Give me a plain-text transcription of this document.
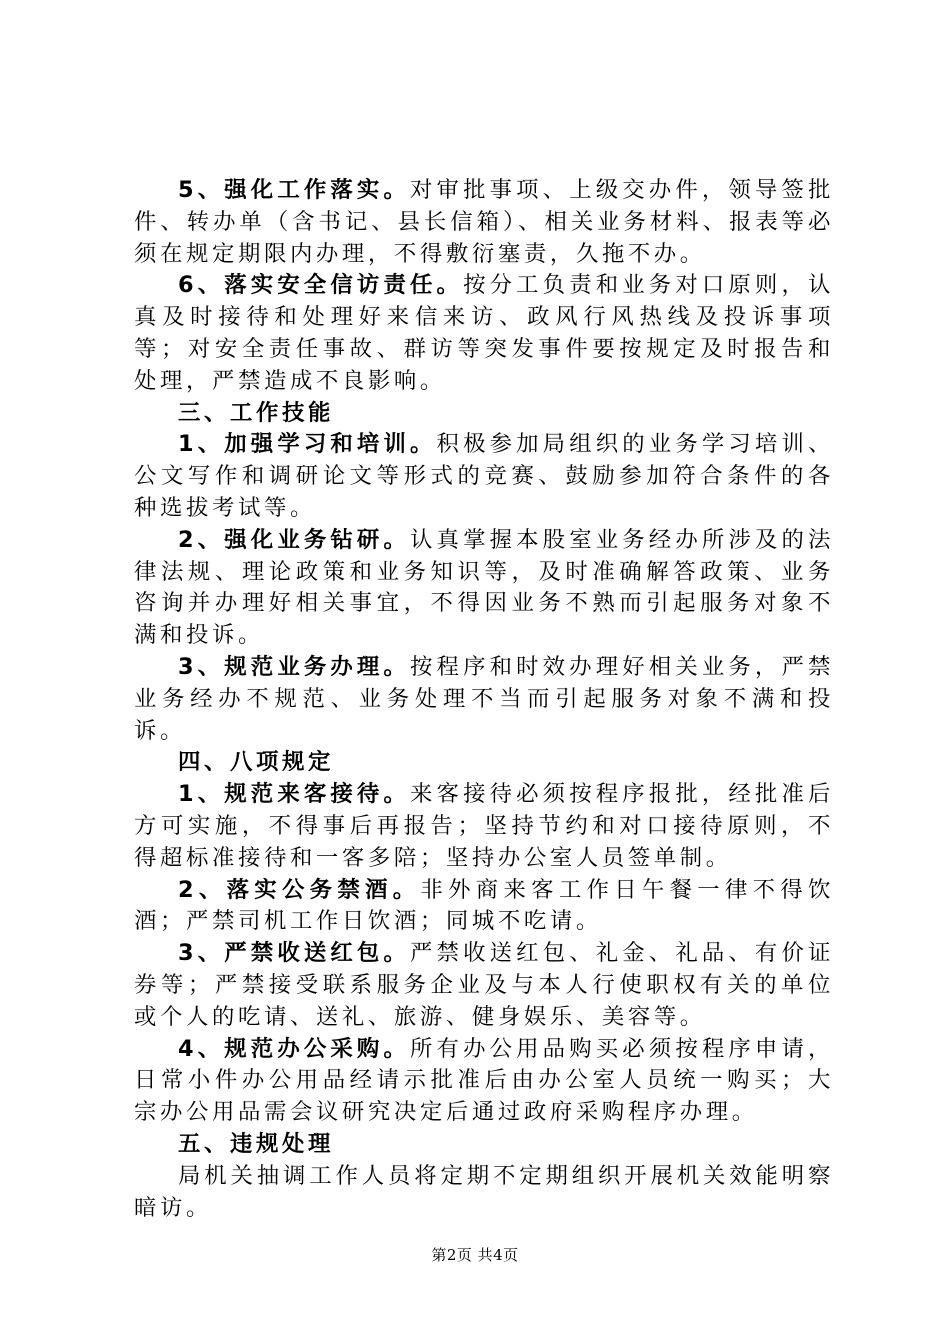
5、强化工作落实。对审批事项、上级交办件，领导签批件、转办单（含书记、县长信箱）、相关业务材料、报表等必须在规定期限内办理，不得敷衍塞责，久拖不办。

6、落实安全信访责任。按分工负责和业务对口原则，认真及时接待和处理好来信来访、政风行风热线及投诉事项等；对安全责任事故、群访等突发事件要按规定及时报告和处理，严禁造成不良影响。

三、工作技能

1、加强学习和培训。积极参加局组织的业务学习培训、公文写作和调研论文等形式的竞赛、鼓励参加符合条件的各种选拔考试等。

2、强化业务钻研。认真掌握本股室业务经办所涉及的法律法规、理论政策和业务知识等，及时准确解答政策、业务咨询并办理好相关事宜，不得因业务不熟而引起服务对象不满和投诉。

3、规范业务办理。按程序和时效办理好相关业务，严禁业务经办不规范、业务处理不当而引起服务对象不满和投诉。

四、八项规定

1、规范来客接待。来客接待必须按程序报批，经批准后方可实施，不得事后再报告；坚持节约和对口接待原则，不得超标准接待和一客多陪；坚持办公室人员签单制。

2、落实公务禁酒。非外商来客工作日午餐一律不得饮酒；严禁司机工作日饮酒；同城不吃请。

3、严禁收送红包。严禁收送红包、礼金、礼品、有价证券等；严禁接受联系服务企业及与本人行使职权有关的单位或个人的吃请、送礼、旅游、健身娱乐、美容等。

4、规范办公采购。所有办公用品购买必须按程序申请，日常小件办公用品经请示批准后由办公室人员统一购买；大宗办公用品需会议研究决定后通过政府采购程序办理。

五、违规处理

局机关抽调工作人员将定期不定期组织开展机关效能明察暗访。

第2页 共4页
